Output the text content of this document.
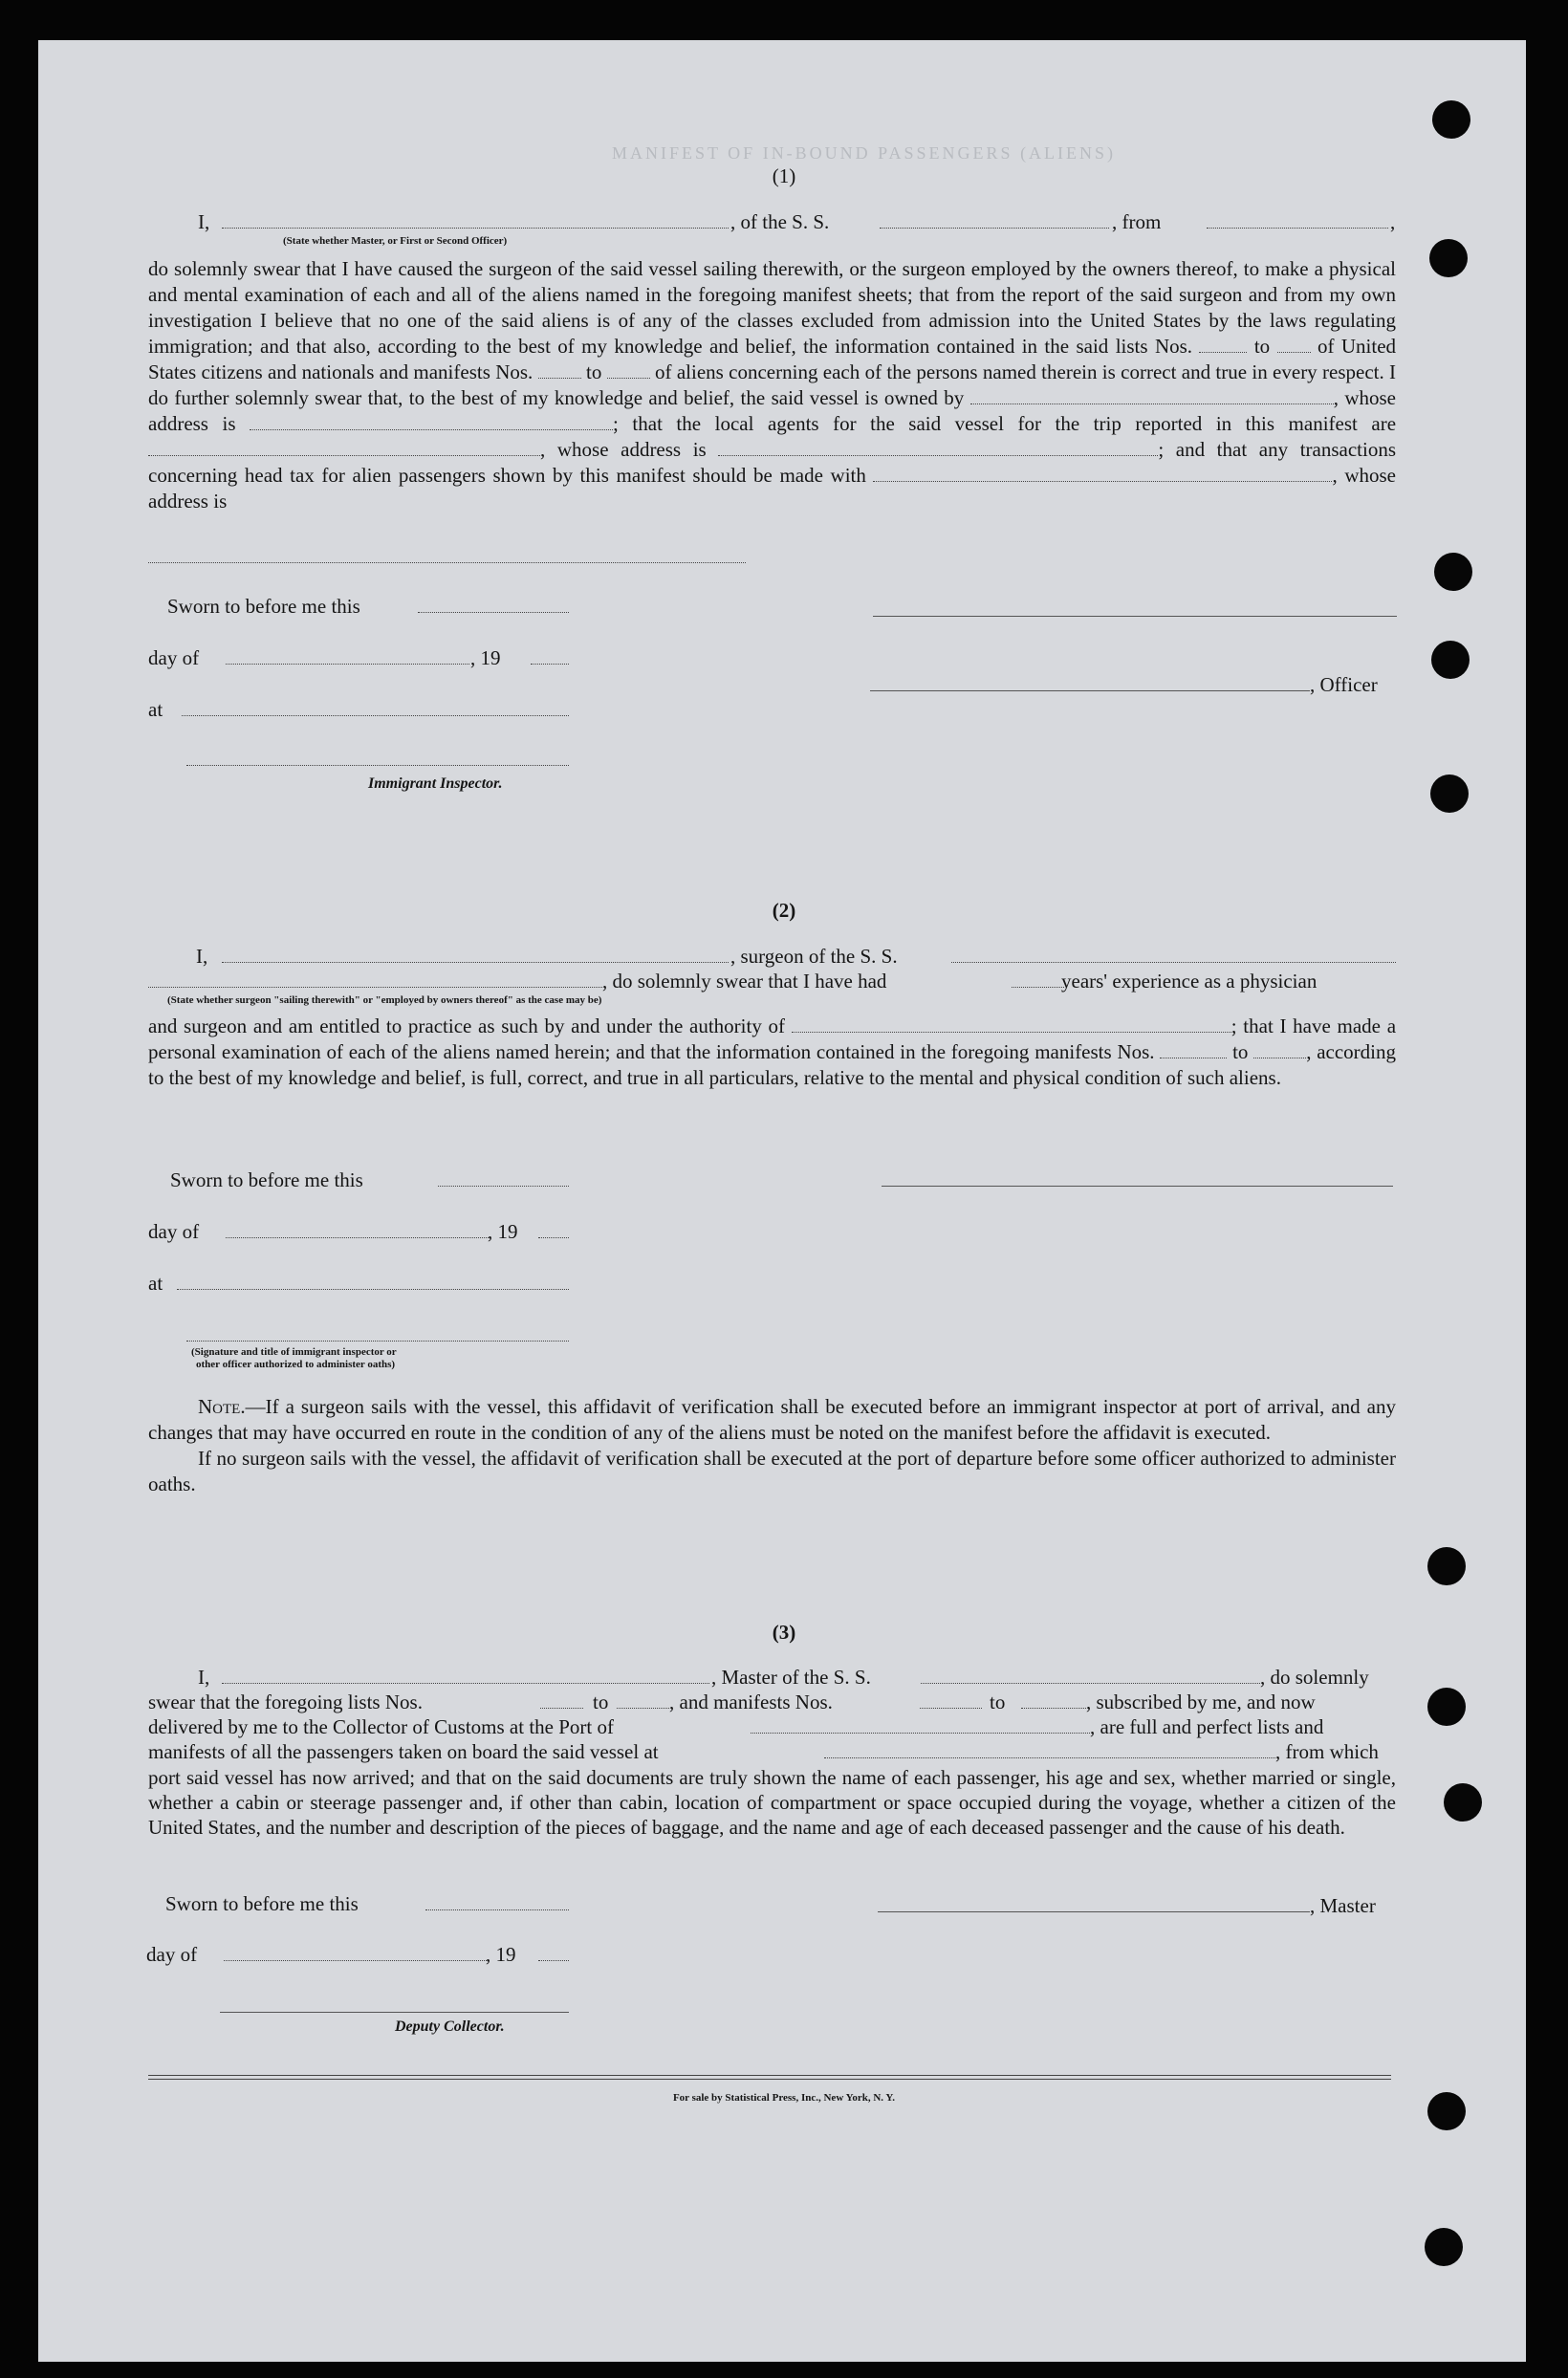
MANIFEST OF IN-BOUND PASSENGERS (ALIENS)
(1)
I,	, of the S. S.	, from	,
(State whether Master, or First or Second Officer)

do solemnly swear that I have caused the surgeon of the said vessel sailing therewith, or the surgeon employed by the owners thereof, to make a physical and mental examination of each and all of the aliens named in the foregoing manifest sheets; that from the report of the said surgeon and from my own investigation I believe that no one of the said aliens is of any of the classes excluded from admission into the United States by the laws regulating immigration; and that also, according to the best of my knowledge and belief, the information contained in the said lists Nos.	to of United States citizens and nationals and manifests Nos.	to	of aliens concerning each of the persons named therein is correct and true in every respect. I do further solemnly swear that, to the best of my knowledge and belief, the said vessel is owned by	, whose address is	; that the local agents for the said vessel for the trip reported in this manifest are , whose address is	; and that any transactions concerning head tax for alien passengers shown by this manifest should be made with	, whose address is

Sworn to before me this
day of	, 19
, Officer
at
Immigrant Inspector.
(2)
I,	, surgeon of the S. S.
, do solemnly swear that I have had	years' experience as a physician
(State whether surgeon "sailing therewith" or "employed by owners thereof" as the case may be)

and surgeon and am entitled to practice as such by and under the authority of	; that I have made a personal examination of each of the aliens named herein; and that the information contained in the foregoing manifests Nos.	to	, according to the best of my knowledge and belief, is full, correct, and true in all particulars, relative to the mental and physical condition of such aliens.

Sworn to before me this
day of	, 19
at
(Signature and title of immigrant inspector or
other officer authorized to administer oaths)

Note.—If a surgeon sails with the vessel, this affidavit of verification shall be executed before an immigrant inspector at port of arrival, and any changes that may have occurred en route in the condition of any of the aliens must be noted on the manifest before the affidavit is executed.

If no surgeon sails with the vessel, the affidavit of verification shall be executed at the port of departure before some officer authorized to administer oaths.

(3)
I,	, Master of the S. S.	, do solemnly
swear that the foregoing lists Nos.	to	, and manifests Nos.	to	, subscribed by me, and now
delivered by me to the Collector of Customs at the Port of	, are full and perfect lists and
manifests of all the passengers taken on board the said vessel at	, from which

port said vessel has now arrived; and that on the said documents are truly shown the name of each passenger, his age and sex, whether married or single, whether a cabin or steerage passenger and, if other than cabin, location of compartment or space occupied during the voyage, whether a citizen of the United States, and the number and description of the pieces of baggage, and the name and age of each deceased passenger and the cause of his death.

Sworn to before me this	, Master
day of	, 19
Deputy Collector.
For sale by Statistical Press, Inc., New York, N. Y.
